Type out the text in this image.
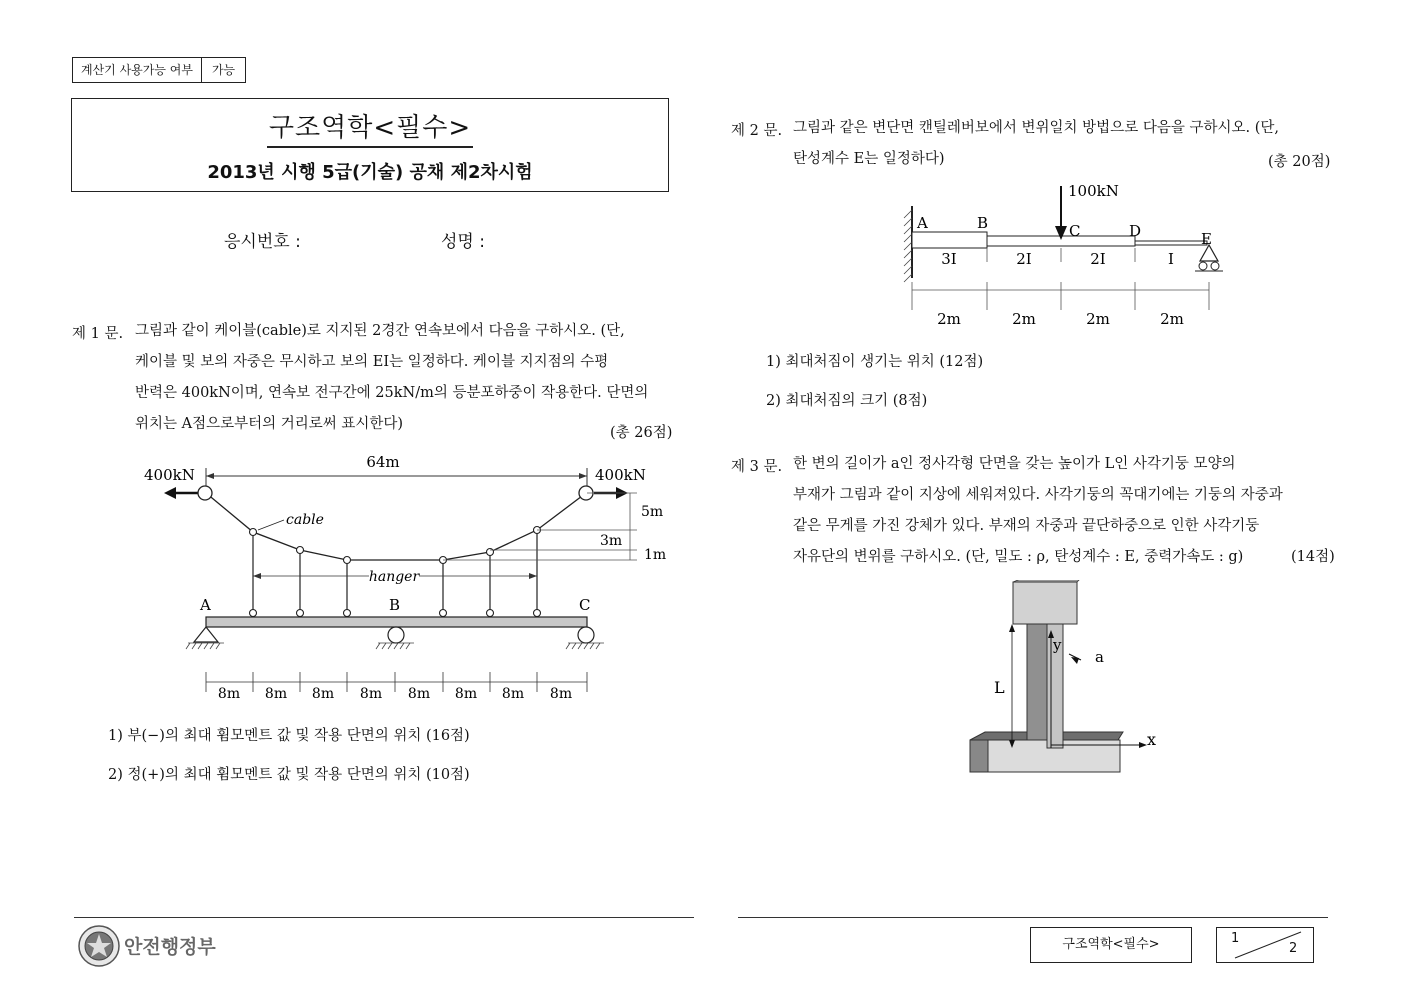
계산기 사용가능 여부	가능
구조역학<필수>
2013년 시행 5급(기술) 공채 제2차시험
응시번호 :	성명 :
제 1 문. 그림과 같이 케이블(cable)로 지지된 2경간 연속보에서 다음을 구하시오. (단,
케이블 및 보의 자중은 무시하고 보의 EI는 일정하다. 케이블 지지점의 수평
반력은 400kN이며, 연속보 전구간에 25kN/m의 등분포하중이 작용한다. 단면의
위치는 A점으로부터의 거리로써 표시한다)
(총 26점)
64m
400kN	400kN
cable
hanger
5m
3m
1m
A	B	C
8m 8m 8m 8m 8m 8m 8m 8m
1) 부(−)의 최대 휨모멘트 값 및 작용 단면의 위치 (16점)
2) 정(+)의 최대 휨모멘트 값 및 작용 단면의 위치 (10점)
제 2 문. 그림과 같은 변단면 캔틸레버보에서 변위일치 방법으로 다음을 구하시오. (단,
탄성계수 E는 일정하다)	(총 20점)
A	B	C	D	E
100kN
3I	2I	2I	I
2m	2m	2m	2m
1) 최대처짐이 생기는 위치 (12점)
2) 최대처짐의 크기 (8점)
제 3 문. 한 변의 길이가 a인 정사각형 단면을 갖는 높이가 L인 사각기둥 모양의
부재가 그림과 같이 지상에 세워져있다. 사각기둥의 꼭대기에는 기둥의 자중과
같은 무게를 가진 강체가 있다. 부재의 자중과 끝단하중으로 인한 사각기둥
자유단의 변위를 구하시오. (단, 밀도 : ρ, 탄성계수 : E, 중력가속도 : g)	(14점)
y
x
a
L
안전행정부	구조역학<필수>	1
2
